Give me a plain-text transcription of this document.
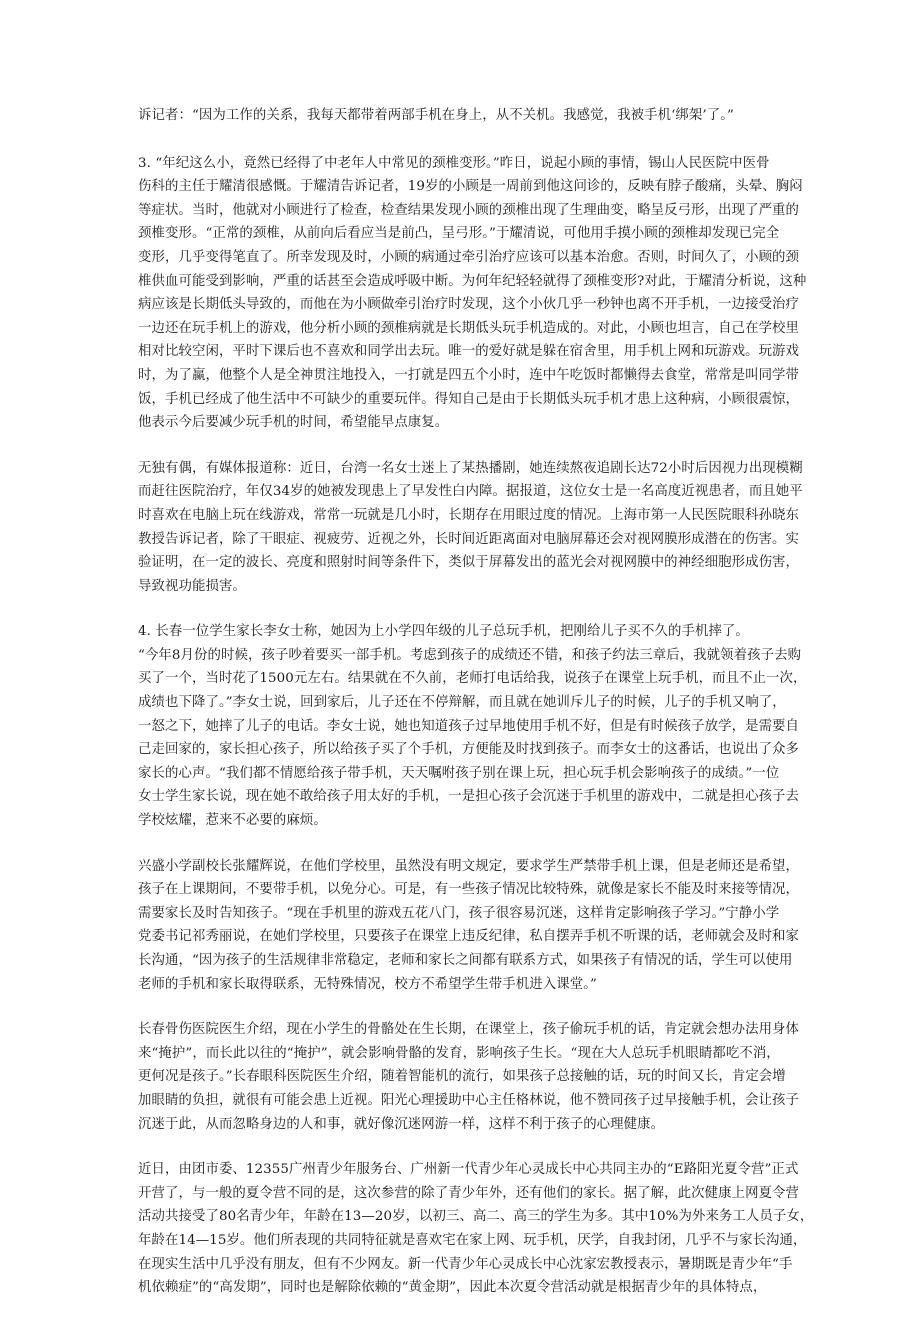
诉记者：“因为工作的关系，我每天都带着两部手机在身上，从不关机。我感觉，我被手机‘绑架’了。”
3. “年纪这么小，竟然已经得了中老年人中常见的颈椎变形。”昨日，说起小顾的事情，锡山人民医院中医骨
伤科的主任于耀清很感慨。于耀清告诉记者，19岁的小顾是一周前到他这问诊的，反映有脖子酸痛，头晕、胸闷
等症状。当时，他就对小顾进行了检查，检查结果发现小顾的颈椎出现了生理曲变，略呈反弓形，出现了严重的
颈椎变形。“正常的颈椎，从前向后看应当是前凸，呈弓形。”于耀清说，可他用手摸小顾的颈椎却发现已完全
变形，几乎变得笔直了。所幸发现及时，小顾的病通过牵引治疗应该可以基本治愈。否则，时间久了，小顾的颈
椎供血可能受到影响，严重的话甚至会造成呼吸中断。为何年纪轻轻就得了颈椎变形?对此，于耀清分析说，这种
病应该是长期低头导致的，而他在为小顾做牵引治疗时发现，这个小伙几乎一秒钟也离不开手机，一边接受治疗
一边还在玩手机上的游戏，他分析小顾的颈椎病就是长期低头玩手机造成的。对此，小顾也坦言，自己在学校里
相对比较空闲，平时下课后也不喜欢和同学出去玩。唯一的爱好就是躲在宿舍里，用手机上网和玩游戏。玩游戏
时，为了赢，他整个人是全神贯注地投入，一打就是四五个小时，连中午吃饭时都懒得去食堂，常常是叫同学带
饭，手机已经成了他生活中不可缺少的重要玩伴。得知自己是由于长期低头玩手机才患上这种病，小顾很震惊，
他表示今后要减少玩手机的时间，希望能早点康复。
无独有偶，有媒体报道称：近日，台湾一名女士迷上了某热播剧，她连续熬夜追剧长达72小时后因视力出现模糊
而赶往医院治疗，年仅34岁的她被发现患上了早发性白内障。据报道，这位女士是一名高度近视患者，而且她平
时喜欢在电脑上玩在线游戏，常常一玩就是几小时，长期存在用眼过度的情况。上海市第一人民医院眼科孙晓东
教授告诉记者，除了干眼症、视疲劳、近视之外，长时间近距离面对电脑屏幕还会对视网膜形成潜在的伤害。实
验证明，在一定的波长、亮度和照射时间等条件下，类似于屏幕发出的蓝光会对视网膜中的神经细胞形成伤害，
导致视功能损害。
4. 长春一位学生家长李女士称，她因为上小学四年级的儿子总玩手机，把刚给儿子买不久的手机摔了。
“今年8月份的时候，孩子吵着要买一部手机。考虑到孩子的成绩还不错，和孩子约法三章后，我就领着孩子去购
买了一个，当时花了1500元左右。结果就在不久前，老师打电话给我，说孩子在课堂上玩手机，而且不止一次，
成绩也下降了。”李女士说，回到家后，儿子还在不停辩解，而且就在她训斥儿子的时候，儿子的手机又响了，
一怒之下，她摔了儿子的电话。李女士说，她也知道孩子过早地使用手机不好，但是有时候孩子放学，是需要自
己走回家的，家长担心孩子，所以给孩子买了个手机，方便能及时找到孩子。而李女士的这番话，也说出了众多
家长的心声。“我们都不情愿给孩子带手机，天天嘱咐孩子别在课上玩，担心玩手机会影响孩子的成绩。”一位
女士学生家长说，现在她不敢给孩子用太好的手机，一是担心孩子会沉迷于手机里的游戏中，二就是担心孩子去
学校炫耀，惹来不必要的麻烦。
兴盛小学副校长张耀辉说，在他们学校里，虽然没有明文规定，要求学生严禁带手机上课，但是老师还是希望，
孩子在上课期间，不要带手机，以免分心。可是，有一些孩子情况比较特殊，就像是家长不能及时来接等情况，
需要家长及时告知孩子。“现在手机里的游戏五花八门，孩子很容易沉迷，这样肯定影响孩子学习。”宁静小学
党委书记祁秀丽说，在她们学校里，只要孩子在课堂上违反纪律，私自摆弄手机不听课的话，老师就会及时和家
长沟通，“因为孩子的生活规律非常稳定，老师和家长之间都有联系方式，如果孩子有情况的话，学生可以使用
老师的手机和家长取得联系，无特殊情况，校方不希望学生带手机进入课堂。”
长春骨伤医院医生介绍，现在小学生的骨骼处在生长期，在课堂上，孩子偷玩手机的话，肯定就会想办法用身体
来“掩护”，而长此以往的“掩护”，就会影响骨骼的发育，影响孩子生长。“现在大人总玩手机眼睛都吃不消，
更何况是孩子。”长春眼科医院医生介绍，随着智能机的流行，如果孩子总接触的话，玩的时间又长，肯定会增
加眼睛的负担，就很有可能会患上近视。阳光心理援助中心主任格林说，他不赞同孩子过早接触手机，会让孩子
沉迷于此，从而忽略身边的人和事，就好像沉迷网游一样，这样不利于孩子的心理健康。
近日，由团市委、12355广州青少年服务台、广州新一代青少年心灵成长中心共同主办的“E路阳光夏令营”正式
开营了，与一般的夏令营不同的是，这次参营的除了青少年外，还有他们的家长。据了解，此次健康上网夏令营
活动共接受了80名青少年，年龄在13—20岁，以初三、高二、高三的学生为多。其中10%为外来务工人员子女，
年龄在14—15岁。他们所表现的共同特征就是喜欢宅在家上网、玩手机，厌学，自我封闭，几乎不与家长沟通，
在现实生活中几乎没有朋友，但有不少网友。新一代青少年心灵成长中心沈家宏教授表示，暑期既是青少年“手
机依赖症”的“高发期”，同时也是解除依赖的“黄金期”，因此本次夏令营活动就是根据青少年的具体特点，
